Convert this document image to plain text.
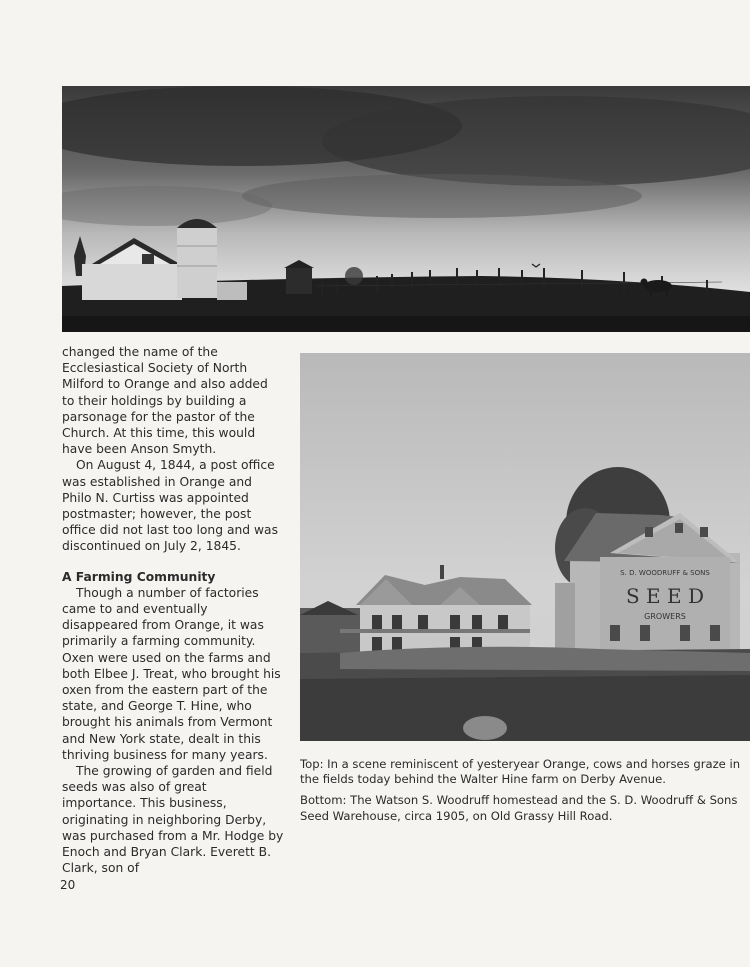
changed the name of the Ecclesiastical Society of North Milford to Orange and also added to their holdings by building a parsonage for the pastor of the Church. At this time, this would have been Anson Smyth.

On August 4, 1844, a post office was established in Orange and Philo N. Curtiss was appointed postmaster; however, the post office did not last too long and was discontinued on July 2, 1845.

A Farming Community

Though a number of factories came to and eventually disappeared from Orange, it was primarily a farming community. Oxen were used on the farms and both Elbee J. Treat, who brought his oxen from the eastern part of the state, and George T. Hine, who brought his animals from Vermont and New York state, dealt in this thriving business for many years.

The growing of garden and field seeds was also of great importance. This business, originating in neighboring Derby, was purchased from a Mr. Hodge by Enoch and Bryan Clark. Everett B. Clark, son of

S. D. WOODRUFF & SONS
S E E D
GROWERS

Top: In a scene reminiscent of yesteryear Orange, cows and horses graze in the fields today behind the Walter Hine farm on Derby Avenue.

Bottom: The Watson S. Woodruff homestead and the S. D. Woodruff & Sons Seed Warehouse, circa 1905, on Old Grassy Hill Road.

20
